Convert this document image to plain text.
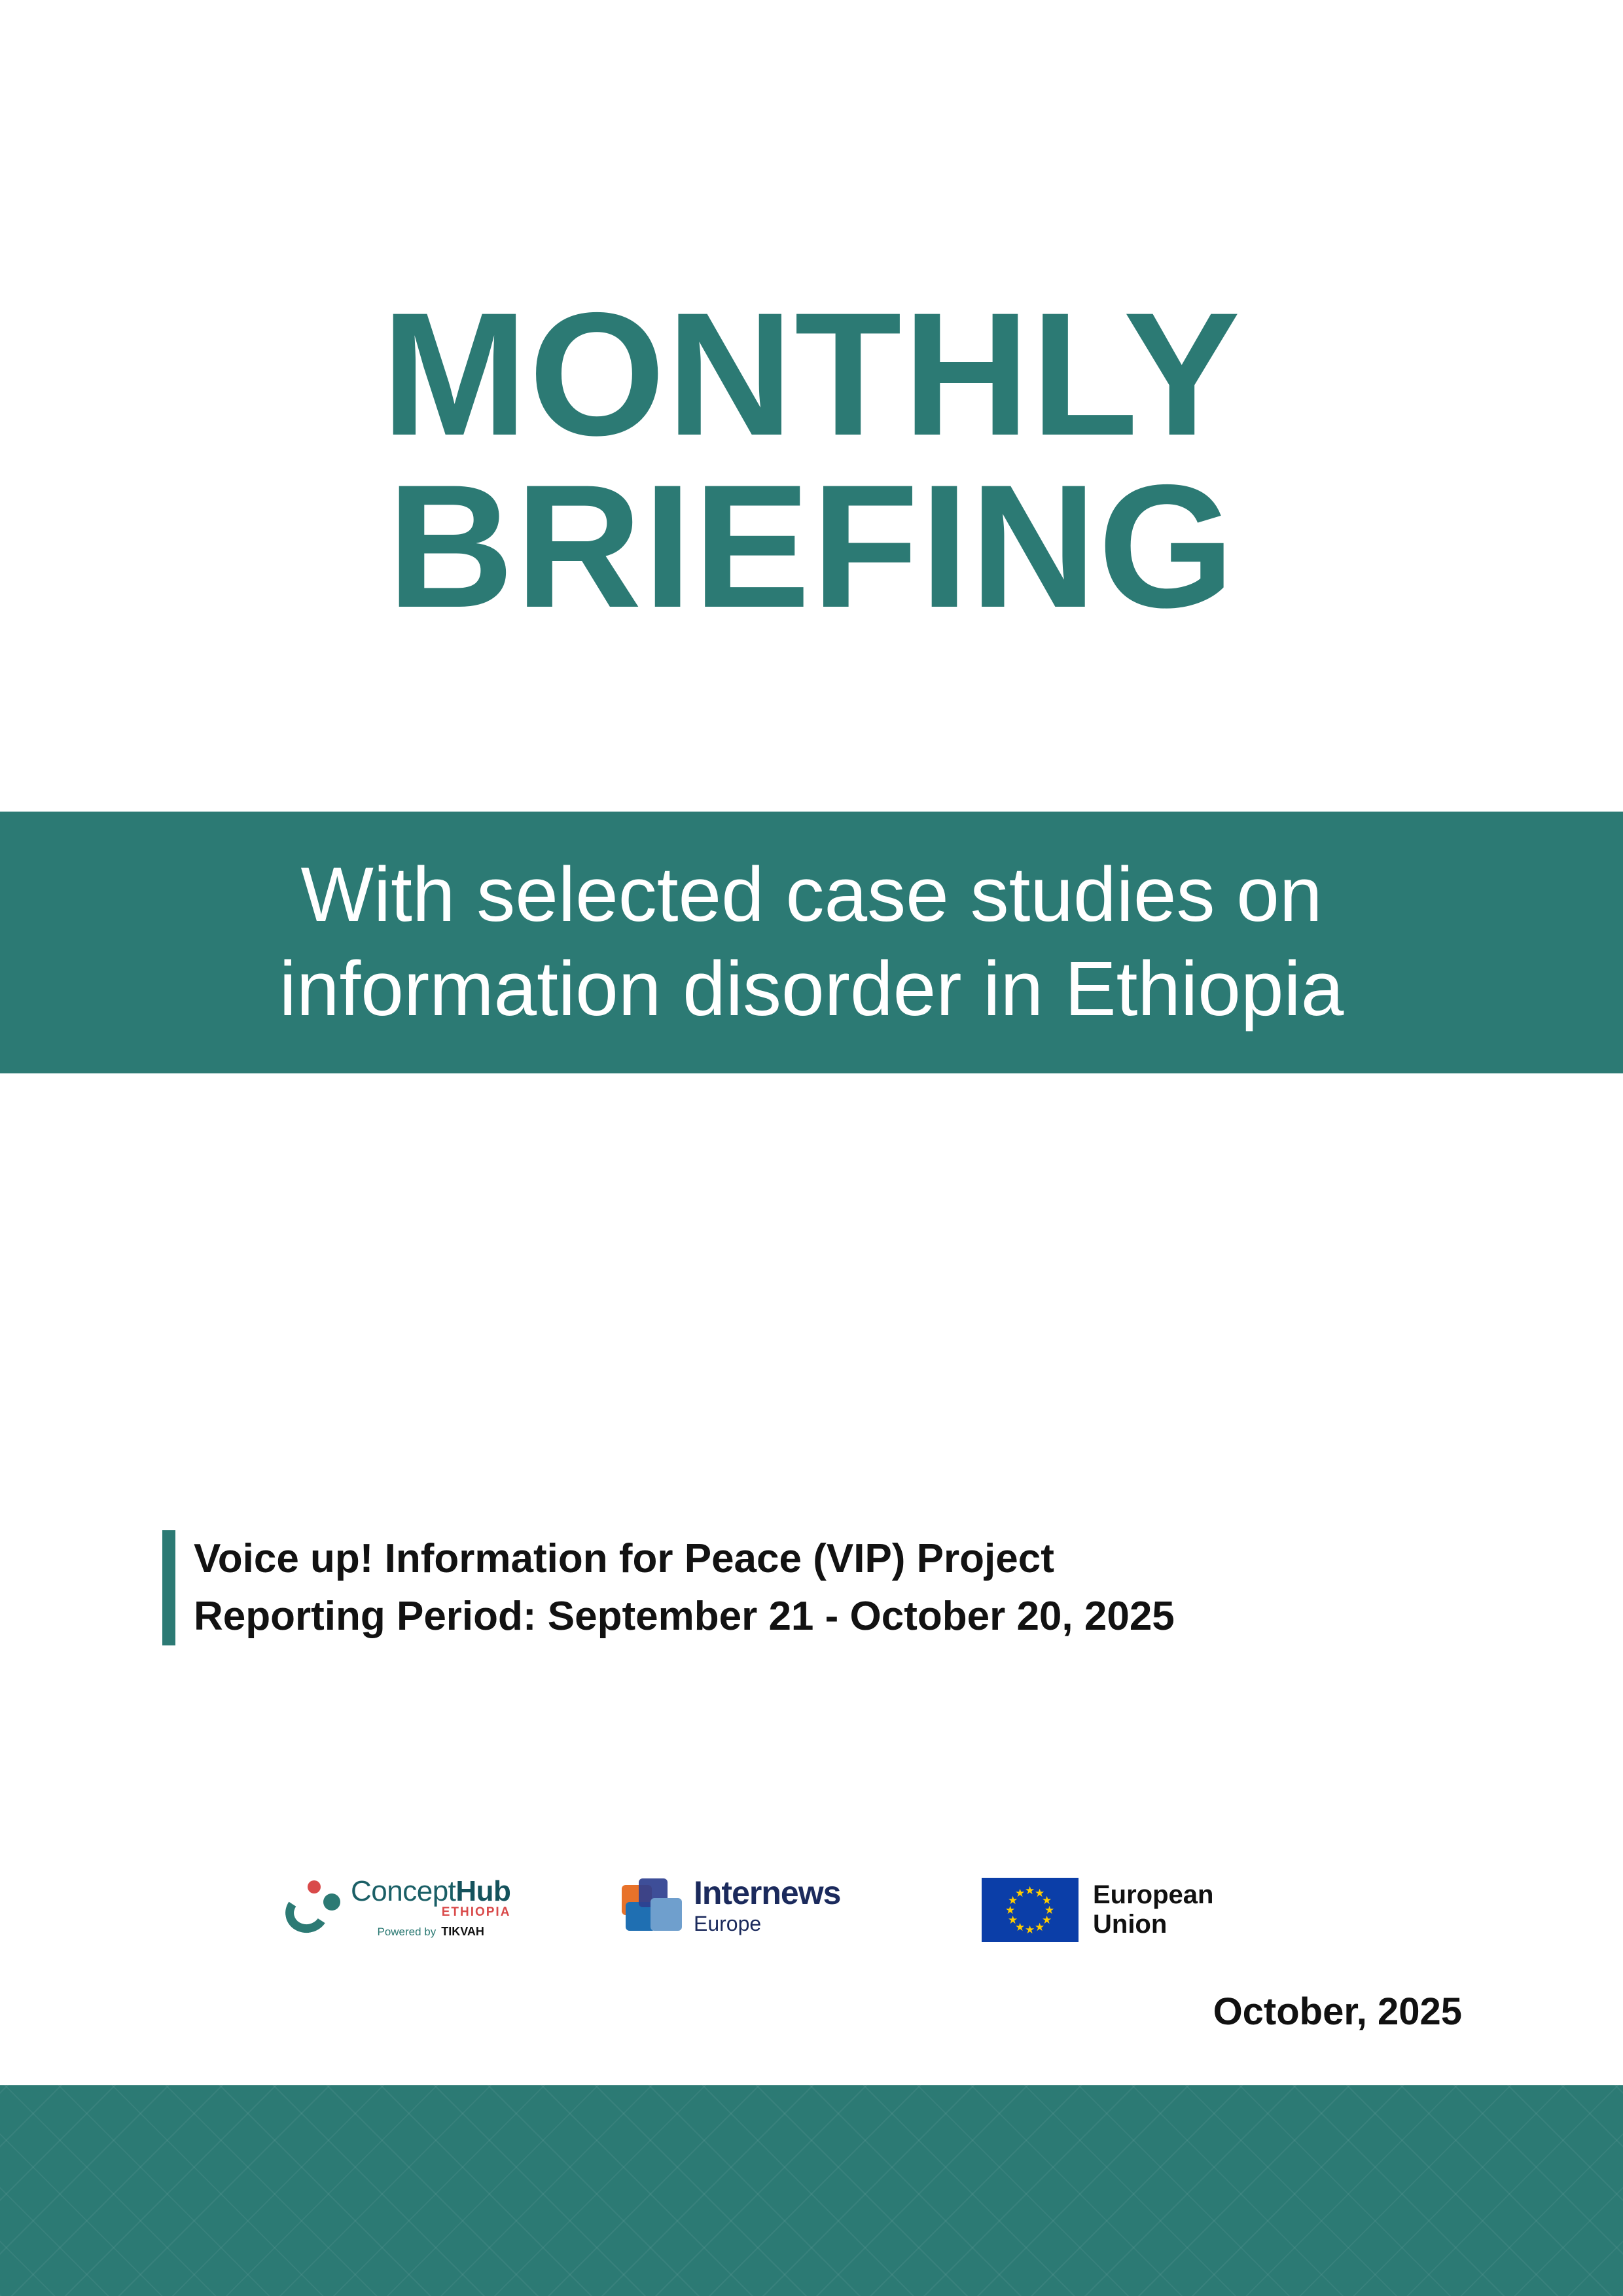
MONTHLY
BRIEFING
With selected case studies on
information disorder in Ethiopia
Voice up! Information for Peace (VIP) Project
Reporting Period: September 21 - October 20, 2025
ConceptHub
ETHIOPIA
Powered by TIKVAH
Internews
Europe
★ ★
★
★
★
★
★
★
★
★
★
★	European
Union
October, 2025
